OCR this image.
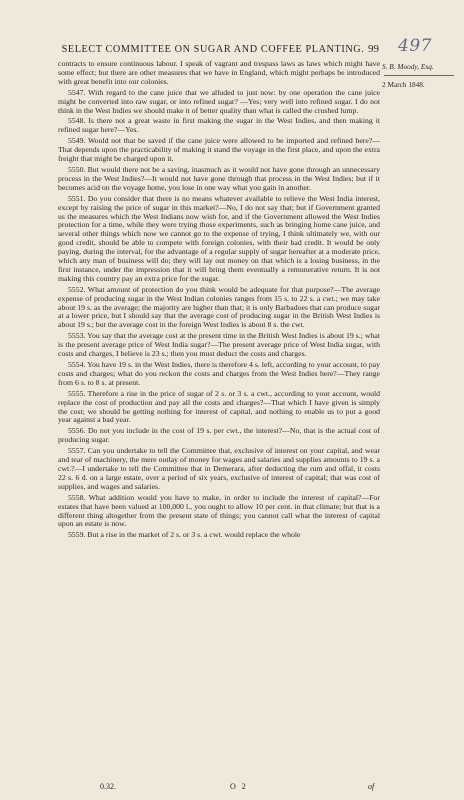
SELECT COMMITTEE ON SUGAR AND COFFEE PLANTING. 99 497
S. B. Moody, Esq.
2 March 1848.

contracts to ensure continuous labour. I speak of vagrant and trespass laws as laws which might have some effect; but there are other measures that we have in England, which might perhaps be introduced with great benefit into our colonies.

5547. With regard to the cane juice that we alluded to just now: by one operation the cane juice might be converted into raw sugar, or into refined sugar? —Yes; very well into refined sugar. I do not think in the West Indies we should make it of better quality than what is called the crushed lump.

5548. Is there not a great waste in first making the sugar in the West Indies, and then making it refined sugar here?—Yes.

5549. Would not that be saved if the cane juice were allowed to be imported and refined here?—That depends upon the practicability of making it stand the voyage in the first place, and upon the extra freight that might be charged upon it.

5550. But would there not be a saving, inasmuch as it would not have gone through an unnecessary process in the West Indies?—It would not have gone through that process in the West Indies; but if it becomes acid on the voyage home, you lose in one way what you gain in another.

5551. Do you consider that there is no means whatever available to relieve the West India interest, except by raising the price of sugar in this market?—No, I do not say that; but if Government granted us the measures which the West Indians now wish for, and if the Government allowed the West Indies protection for a time, while they were trying those experiments, such as bringing home cane juice, and several other things which now we cannot go to the expense of trying, I think ultimately we, with our good credit, should be able to compete with foreign colonies, with their bad credit. It would be only paying, during the interval, for the advantage of a regular supply of sugar hereafter at a moderate price, which any man of business will do; they will lay out money on that which is a losing business, in the first instance, under the impression that it will bring them eventually a remunerative return. It is not making this country pay an extra price for the sugar.

5552. What amount of protection do you think would be adequate for that purpose?—The average expense of producing sugar in the West Indian colonies ranges from 15 s. to 22 s. a cwt.; we may take about 19 s. as the average; the majority are higher than that; it is only Barbadoes that can produce sugar at a lower price, but I should say that the average cost of producing sugar in the British West Indies is about 19 s.; but the average cost in the foreign West Indies is about 8 s. the cwt.

5553. You say that the average cost at the present time in the British West Indies is about 19 s.; what is the present average price of West India sugar?—The present average price of West India sugar, with costs and charges, I believe is 23 s.; then you must deduct the costs and charges.

5554. You have 19 s. in the West Indies, there is therefore 4 s. left, according to your account, to pay costs and charges; what do you reckon the costs and charges from the West Indies here?—They range from 6 s. to 8 s. at present.

5555. Therefore a rise in the price of sugar of 2 s. or 3 s. a cwt., according to your account, would replace the cost of production and pay all the costs and charges?—That which I have given is simply the cost; we should be getting nothing for interest of capital, and nothing to enable us to put a good year against a bad year.

5556. Do not you include in the cost of 19 s. per cwt., the interest?—No, that is the actual cost of producing sugar.

5557. Can you undertake to tell the Committee that, exclusive of interest on your capital, and wear and tear of machinery, the mere outlay of money for wages and salaries and supplies amounts to 19 s. a cwt.?—I undertake to tell the Committee that in Demerara, after deducting the rum and offal, it costs 22 s. 6 d. on a large estate, over a period of six years, exclusive of interest of capital; that was cost of supplies, and wages and salaries.

5558. What addition would you have to make, in order to include the interest of capital?—For estates that have been valued at 100,000 l., you ought to allow 10 per cent. in that climate; but that is a different thing altogether from the present state of things; you cannot call what the interest of capital upon an estate is now.

5559. But a rise in the market of 2 s. or 3 s. a cwt. would replace the whole

0.32.	O 2	of
